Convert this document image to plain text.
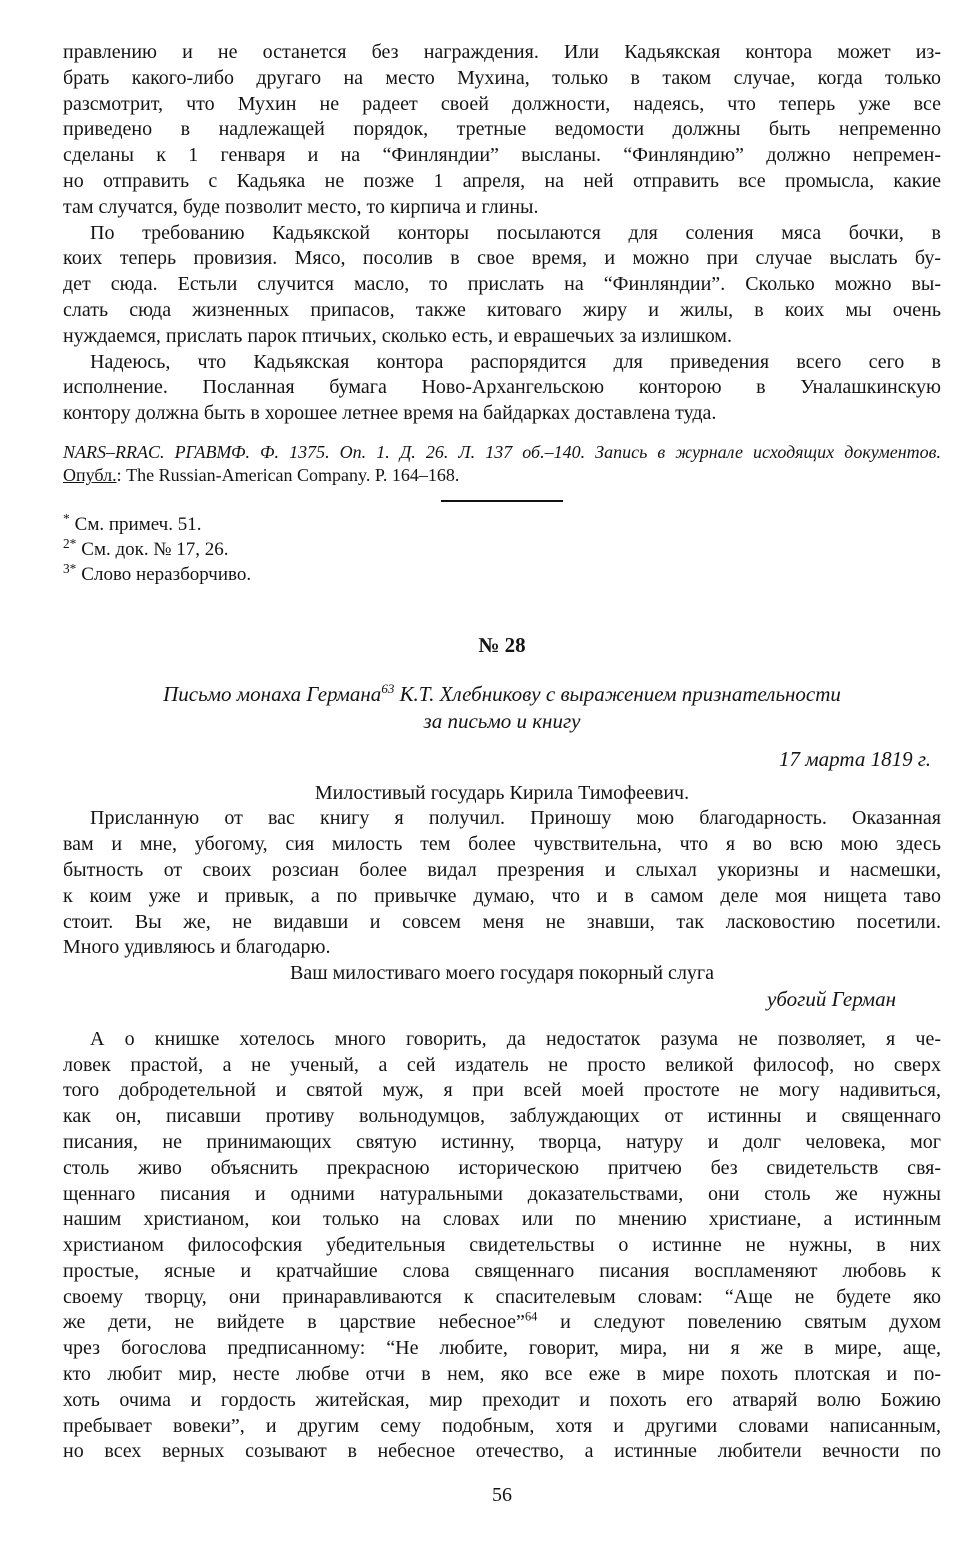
правлению и не останется без награждения. Или Кадьякская контора может из-
брать какого-либо другаго на место Мухина, только в таком случае, когда только
разсмотрит, что Мухин не радеет своей должности, надеясь, что теперь уже все
приведено в надлежащей порядок, третные ведомости должны быть непременно
сделаны к 1 генваря и на “Финляндии” высланы. “Финляндию” должно непремен-
но отправить с Кадьяка не позже 1 апреля, на ней отправить все промысла, какие
там случатся, буде позволит место, то кирпича и глины.
По требованию Кадьякской конторы посылаются для соления мяса бочки, в
коих теперь провизия. Мясо, посолив в свое время, и можно при случае выслать бу-
дет сюда. Естьли случится масло, то прислать на “Финляндии”. Сколько можно вы-
слать сюда жизненных припасов, также китоваго жиру и жилы, в коих мы очень
нуждаемся, прислать парок птичьих, сколько есть, и еврашечьих за излишком.
Надеюсь, что Кадьякская контора распорядится для приведения всего сего в
исполнение. Посланная бумага Ново-Архангельскою конторою в Уналашкинскую
контору должна быть в хорошее летнее время на байдарках доставлена туда.
NARS–RRAC. РГАВМФ. Ф. 1375. Оп. 1. Д. 26. Л. 137 об.–140. Запись в журнале исходящих документов.
Опубл.: The Russian-American Company. P. 164–168.
* См. примеч. 51.
$^{2*}$ См. док. № 17, 26.
$^{3*}$ Слово неразборчиво.
№ 28
Письмо монаха Германа$^{63}$ К.Т. Хлебникову с выражением признательности
за письмо и книгу
17 марта 1819 г.
Милостивый государь Кирила Тимофеевич.
Присланную от вас книгу я получил. Приношу мою благодарность. Оказанная
вам и мне, убогому, сия милость тем более чувствительна, что я во всю мою здесь
бытность от своих розсиан более видал презрения и слыхал укоризны и насмешки,
к коим уже и привык, а по привычке думаю, что и в самом деле моя нищета таво
стоит. Вы же, не видавши и совсем меня не знавши, так ласковостию посетили.
Много удивляюсь и благодарю.
Ваш милостиваго моего государя покорный слуга
убогий Герман
А о книшке хотелось много говорить, да недостаток разума не позволяет, я че-
ловек прастой, а не ученый, а сей издатель не просто великой философ, но сверх
того добродетельной и святой муж, я при всей моей простоте не могу надивиться,
как он, писавши противу вольнодумцов, заблуждающих от истинны и священнаго
писания, не принимающих святую истинну, творца, натуру и долг человека, мог
столь живо объяснить прекрасною историческою притчею без свидетельств свя-
щеннаго писания и одними натуральными доказательствами, они столь же нужны
нашим христианом, кои только на словах или по мнению христиане, а истинным
христианом философския убедительныя свидетельствы о истинне не нужны, в них
простые, ясные и кратчайшие слова священнаго писания воспламеняют любовь к
своему творцу, они принаравливаются к спасителевым словам: “Аще не будете яко
же дети, не вийдете в царствие небесное”$^{64}$ и следуют повелению святым духом
чрез богослова предписанному: “Не любите, говорит, мира, ни я же в мире, аще,
кто любит мир, несте любве отчи в нем, яко все еже в мире похоть плотская и по-
хоть очима и гордость житейская, мир преходит и похоть его атваряй волю Божию
пребывает вовеки”, и другим сему подобным, хотя и другими словами написанным,
но всех верных созывают в небесное отечество, а истинные любители вечности по
56
